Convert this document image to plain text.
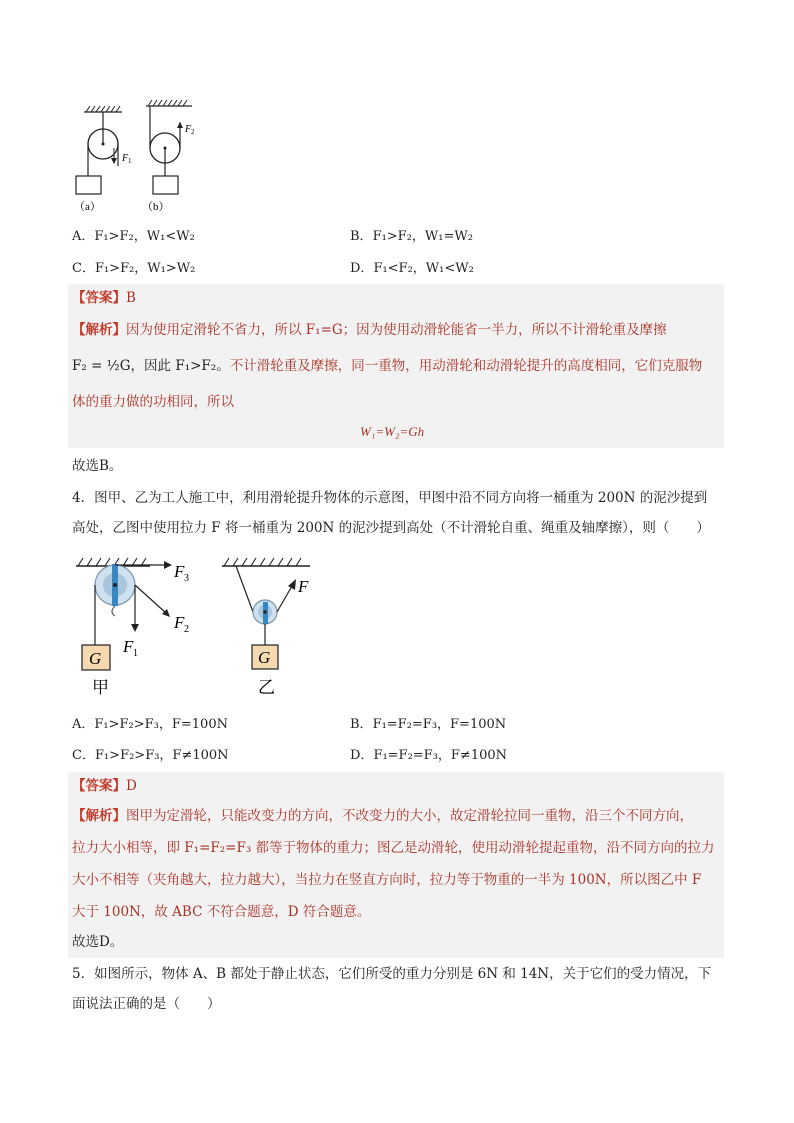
F 1
F 2
（a）	（b）
A．F₁>F₂，W₁<W₂	B．F₁>F₂，W₁=W₂
C．F₁>F₂，W₁>W₂	D．F₁<F₂，W₁<W₂
【答案】B
【解析】因为使用定滑轮不省力，所以 F₁=G；因为使用动滑轮能省一半力，所以不计滑轮重及摩擦
F₂ = ½G，因此 F₁>F₂。不计滑轮重及摩擦，同一重物，用动滑轮和动滑轮提升的高度相同，它们克服物
体的重力做的功相同，所以
W₁=W₂=Gh
故选B。
4．图甲、乙为工人施工中，利用滑轮提升物体的示意图，甲图中沿不同方向将一桶重为 200N 的泥沙提到
高处，乙图中使用拉力 F 将一桶重为 200N 的泥沙提到高处（不计滑轮自重、绳重及轴摩擦），则（　　）
G
F 3
F 2
F 1
甲
F
G
乙
A．F₁>F₂>F₃，F=100N	B．F₁=F₂=F₃，F=100N
C．F₁>F₂>F₃，F≠100N	D．F₁=F₂=F₃，F≠100N
【答案】D
【解析】图甲为定滑轮，只能改变力的方向，不改变力的大小，故定滑轮拉同一重物，沿三个不同方向，
拉力大小相等，即 F₁=F₂=F₃ 都等于物体的重力；图乙是动滑轮，使用动滑轮提起重物，沿不同方向的拉力
大小不相等（夹角越大，拉力越大），当拉力在竖直方向时，拉力等于物重的一半为 100N，所以图乙中 F
大于 100N，故 ABC 不符合题意，D 符合题意。
故选D。
5．如图所示，物体 A、B 都处于静止状态，它们所受的重力分别是 6N 和 14N，关于它们的受力情况，下
面说法正确的是（　　）
